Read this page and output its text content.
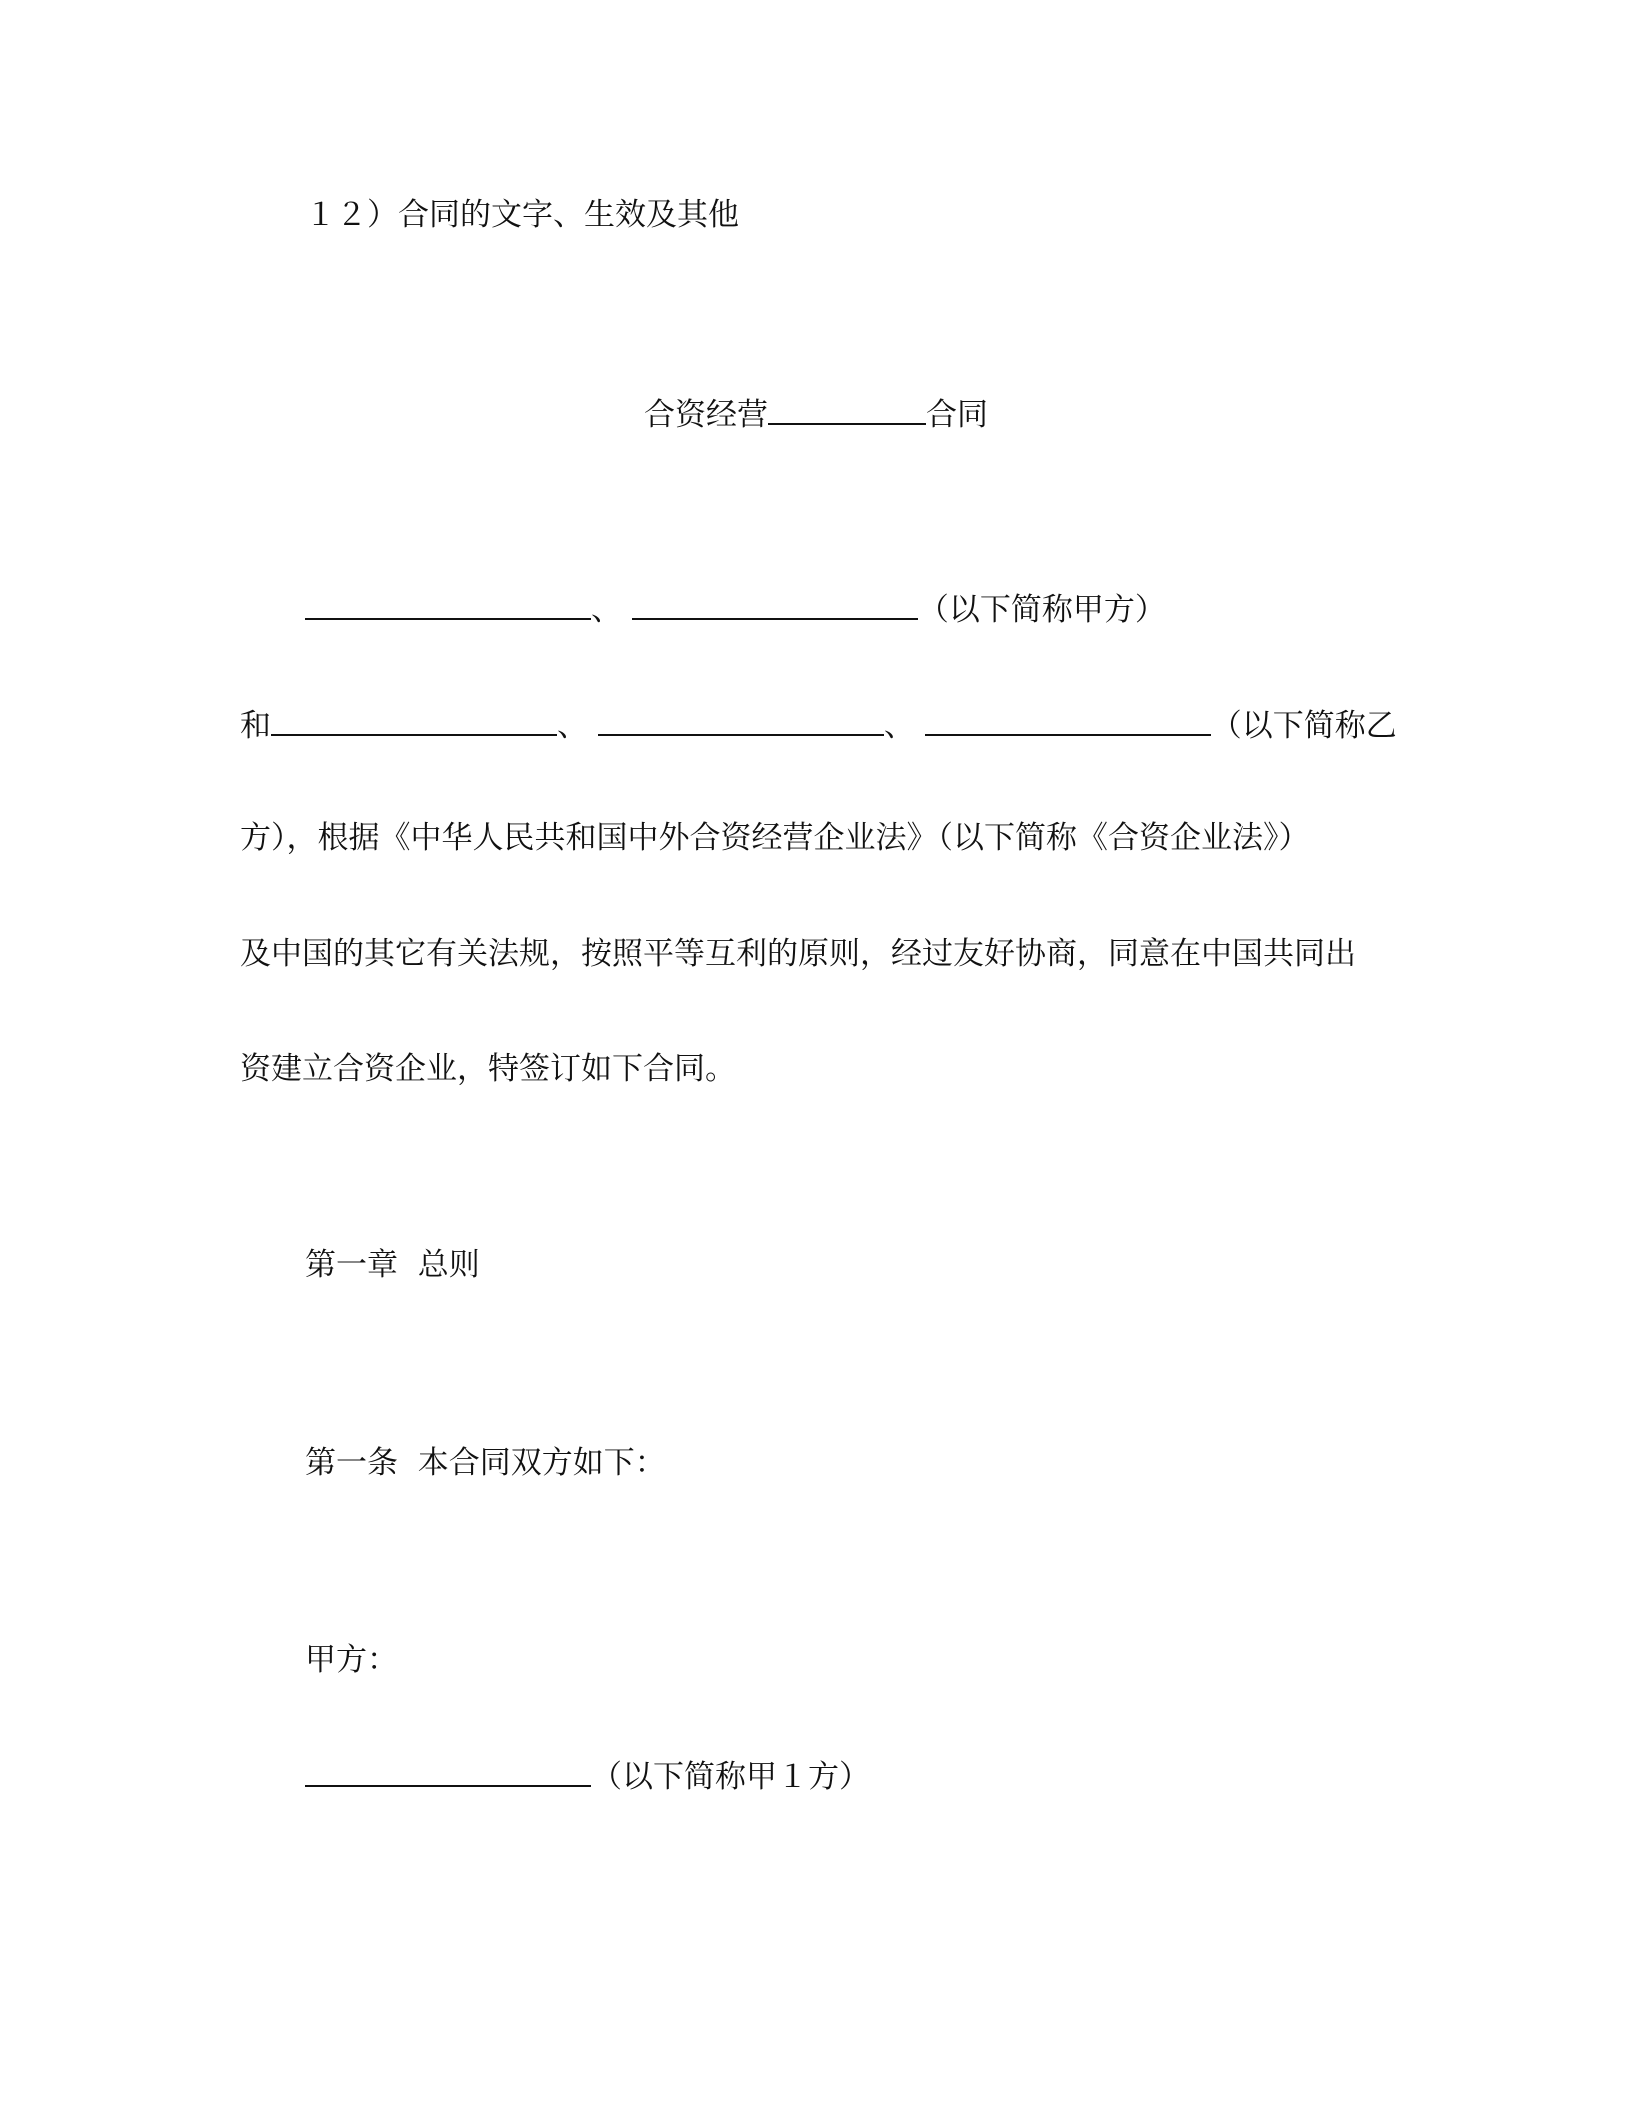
１２）合同的文字、生效及其他
合资经营	合同
、	（以下简称甲方）
和	、	、	（以下简称乙
方），根据《中华人民共和国中外合资经营企业法》（以下简称《合资企业法》）
及中国的其它有关法规，按照平等互利的原则，经过友好协商，同意在中国共同出
资建立合资企业，特签订如下合同。
第一章  总则
第一条  本合同双方如下：
甲方：
（以下简称甲１方）
